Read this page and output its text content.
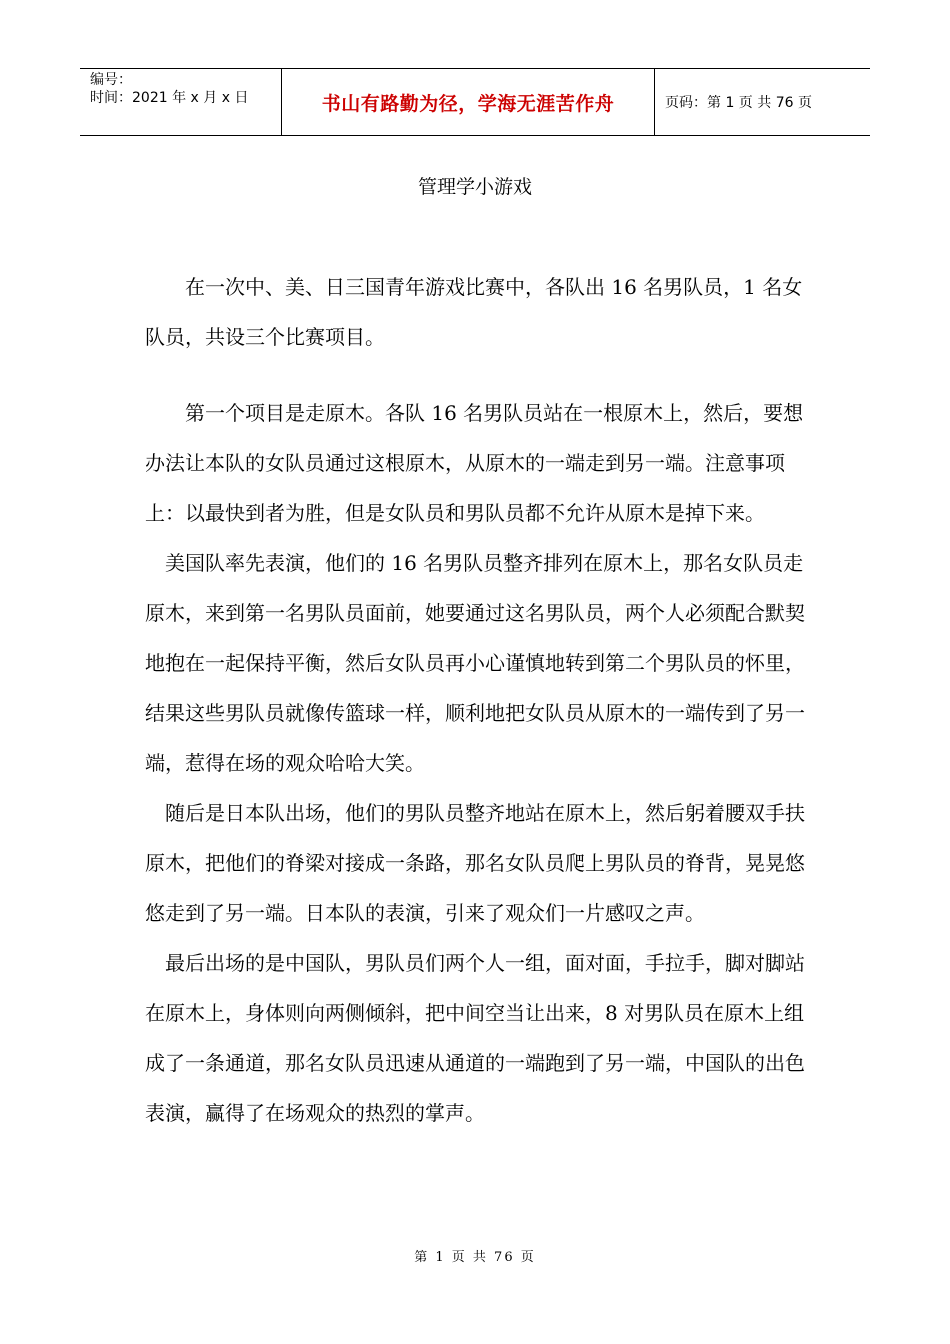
编号：
时间：2021 年 x 月 x 日	书山有路勤为径，学海无涯苦作舟	页码：第 1 页 共 76 页
管理学小游戏

在一次中、美、日三国青年游戏比赛中，各队出 16 名男队员，1 名女队员，共设三个比赛项目。

第一个项目是走原木。各队 16 名男队员站在一根原木上，然后，要想办法让本队的女队员通过这根原木，从原木的一端走到另一端。注意事项上：以最快到者为胜，但是女队员和男队员都不允许从原木是掉下来。

美国队率先表演，他们的 16 名男队员整齐排列在原木上，那名女队员走原木，来到第一名男队员面前，她要通过这名男队员，两个人必须配合默契地抱在一起保持平衡，然后女队员再小心谨慎地转到第二个男队员的怀里，结果这些男队员就像传篮球一样，顺利地把女队员从原木的一端传到了另一端，惹得在场的观众哈哈大笑。

随后是日本队出场，他们的男队员整齐地站在原木上，然后躬着腰双手扶原木，把他们的脊梁对接成一条路，那名女队员爬上男队员的脊背，晃晃悠悠走到了另一端。日本队的表演，引来了观众们一片感叹之声。

最后出场的是中国队，男队员们两个人一组，面对面，手拉手，脚对脚站在原木上，身体则向两侧倾斜，把中间空当让出来，8 对男队员在原木上组成了一条通道，那名女队员迅速从通道的一端跑到了另一端，中国队的出色表演，赢得了在场观众的热烈的掌声。

第 1 页 共 76 页
